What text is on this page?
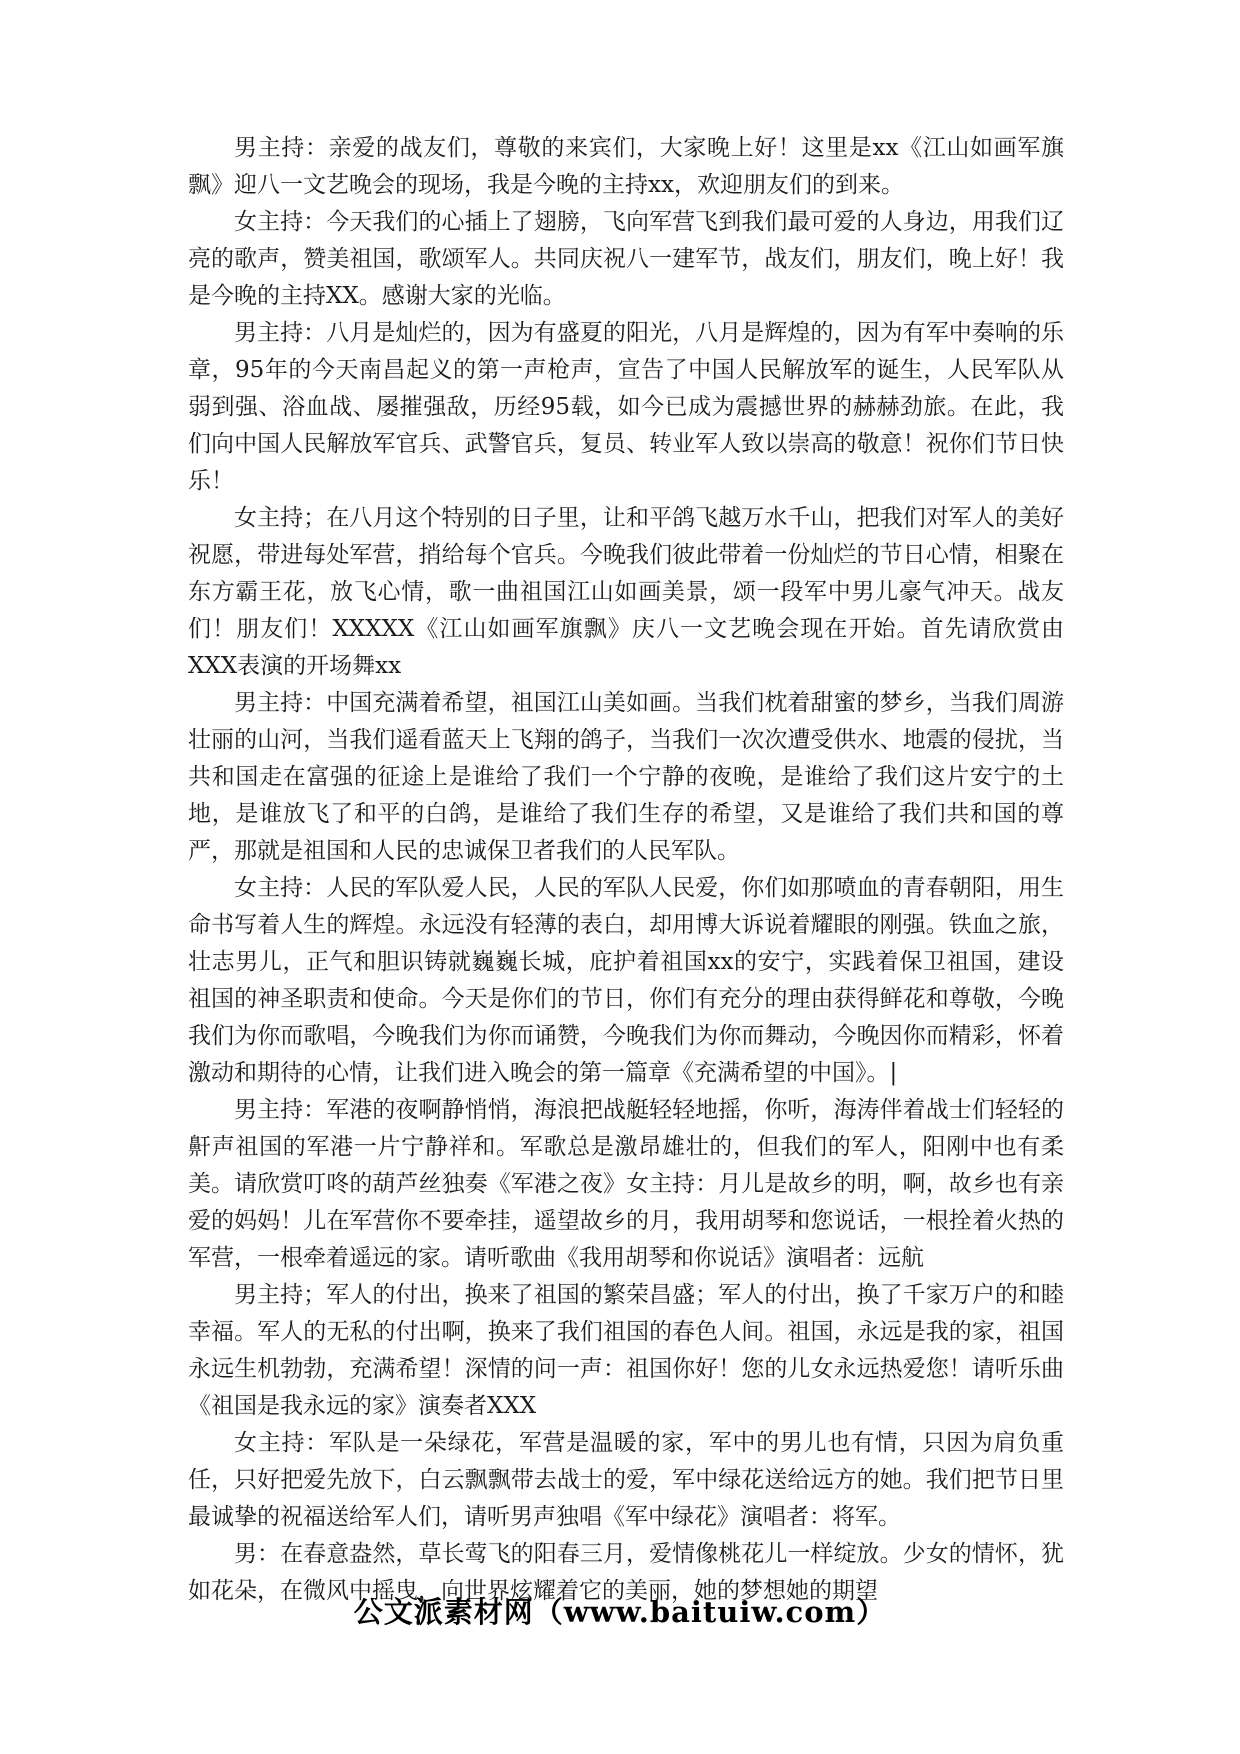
男主持：亲爱的战友们，尊敬的来宾们，大家晚上好！这里是xx《江山如画军旗飘》迎八一文艺晚会的现场，我是今晚的主持xx，欢迎朋友们的到来。

女主持：今天我们的心插上了翅膀，飞向军营飞到我们最可爱的人身边，用我们辽亮的歌声，赞美祖国，歌颂军人。共同庆祝八一建军节，战友们，朋友们，晚上好！我是今晚的主持XX。感谢大家的光临。

男主持：八月是灿烂的，因为有盛夏的阳光，八月是辉煌的，因为有军中奏响的乐章，95年的今天南昌起义的第一声枪声，宣告了中国人民解放军的诞生，人民军队从弱到强、浴血战、屡摧强敌，历经95载，如今已成为震撼世界的赫赫劲旅。在此，我们向中国人民解放军官兵、武警官兵，复员、转业军人致以崇高的敬意！祝你们节日快乐！

女主持；在八月这个特别的日子里，让和平鸽飞越万水千山，把我们对军人的美好祝愿，带进每处军营，捎给每个官兵。今晚我们彼此带着一份灿烂的节日心情，相聚在东方霸王花，放飞心情，歌一曲祖国江山如画美景，颂一段军中男儿豪气冲天。战友们！朋友们！XXXXX《江山如画军旗飘》庆八一文艺晚会现在开始。首先请欣赏由XXX表演的开场舞xx

男主持：中国充满着希望，祖国江山美如画。当我们枕着甜蜜的梦乡，当我们周游壮丽的山河，当我们遥看蓝天上飞翔的鸽子，当我们一次次遭受供水、地震的侵扰，当共和国走在富强的征途上是谁给了我们一个宁静的夜晚，是谁给了我们这片安宁的土地，是谁放飞了和平的白鸽，是谁给了我们生存的希望，又是谁给了我们共和国的尊严，那就是祖国和人民的忠诚保卫者我们的人民军队。

女主持：人民的军队爱人民，人民的军队人民爱，你们如那喷血的青春朝阳，用生命书写着人生的辉煌。永远没有轻薄的表白，却用博大诉说着耀眼的刚强。铁血之旅，壮志男儿，正气和胆识铸就巍巍长城，庇护着祖国xx的安宁，实践着保卫祖国，建设祖国的神圣职责和使命。今天是你们的节日，你们有充分的理由获得鲜花和尊敬，今晚我们为你而歌唱，今晚我们为你而诵赞，今晚我们为你而舞动，今晚因你而精彩，怀着激动和期待的心情，让我们进入晚会的第一篇章《充满希望的中国》。|

男主持：军港的夜啊静悄悄，海浪把战艇轻轻地摇，你听，海涛伴着战士们轻轻的鼾声祖国的军港一片宁静祥和。军歌总是激昂雄壮的，但我们的军人，阳刚中也有柔美。请欣赏叮咚的葫芦丝独奏《军港之夜》女主持：月儿是故乡的明，啊，故乡也有亲爱的妈妈！儿在军营你不要牵挂，遥望故乡的月，我用胡琴和您说话，一根拴着火热的军营，一根牵着遥远的家。请听歌曲《我用胡琴和你说话》演唱者：远航

男主持；军人的付出，换来了祖国的繁荣昌盛；军人的付出，换了千家万户的和睦幸福。军人的无私的付出啊，换来了我们祖国的春色人间。祖国，永远是我的家，祖国永远生机勃勃，充满希望！深情的问一声：祖国你好！您的儿女永远热爱您！请听乐曲《祖国是我永远的家》演奏者XXX

女主持：军队是一朵绿花，军营是温暖的家，军中的男儿也有情，只因为肩负重任，只好把爱先放下，白云飘飘带去战士的爱，军中绿花送给远方的她。我们把节日里最诚挚的祝福送给军人们，请听男声独唱《军中绿花》演唱者：将军。

男：在春意盎然，草长莺飞的阳春三月，爱情像桃花儿一样绽放。少女的情怀，犹如花朵，在微风中摇曳，向世界炫耀着它的美丽，她的梦想她的期望

公文派素材网（www.baituiw.com）
